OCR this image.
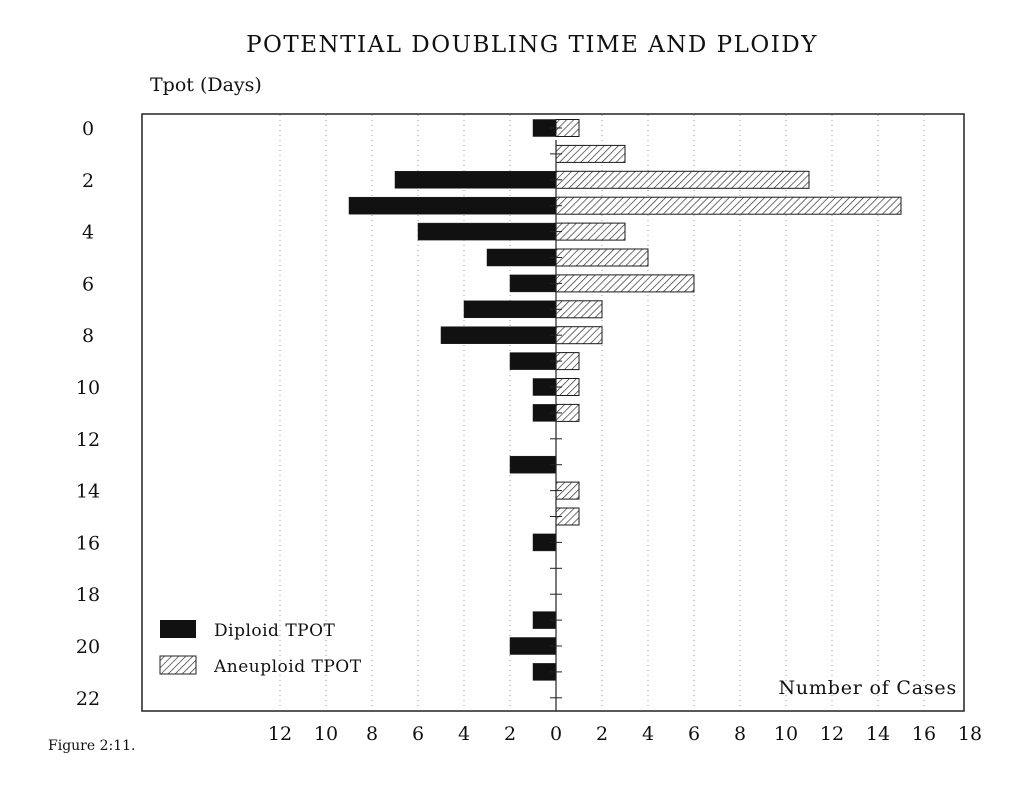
POTENTIAL DOUBLING TIME AND PLOIDY
Tpot (Days)
0
2
4
6
8
10
12
14
16
18
20
22
12 10 8 6 4 2 0 2 4 6 8 10 12 14 16 18
Diploid TPOT
Aneuploid TPOT
Number of Cases
Figure 2:11.
